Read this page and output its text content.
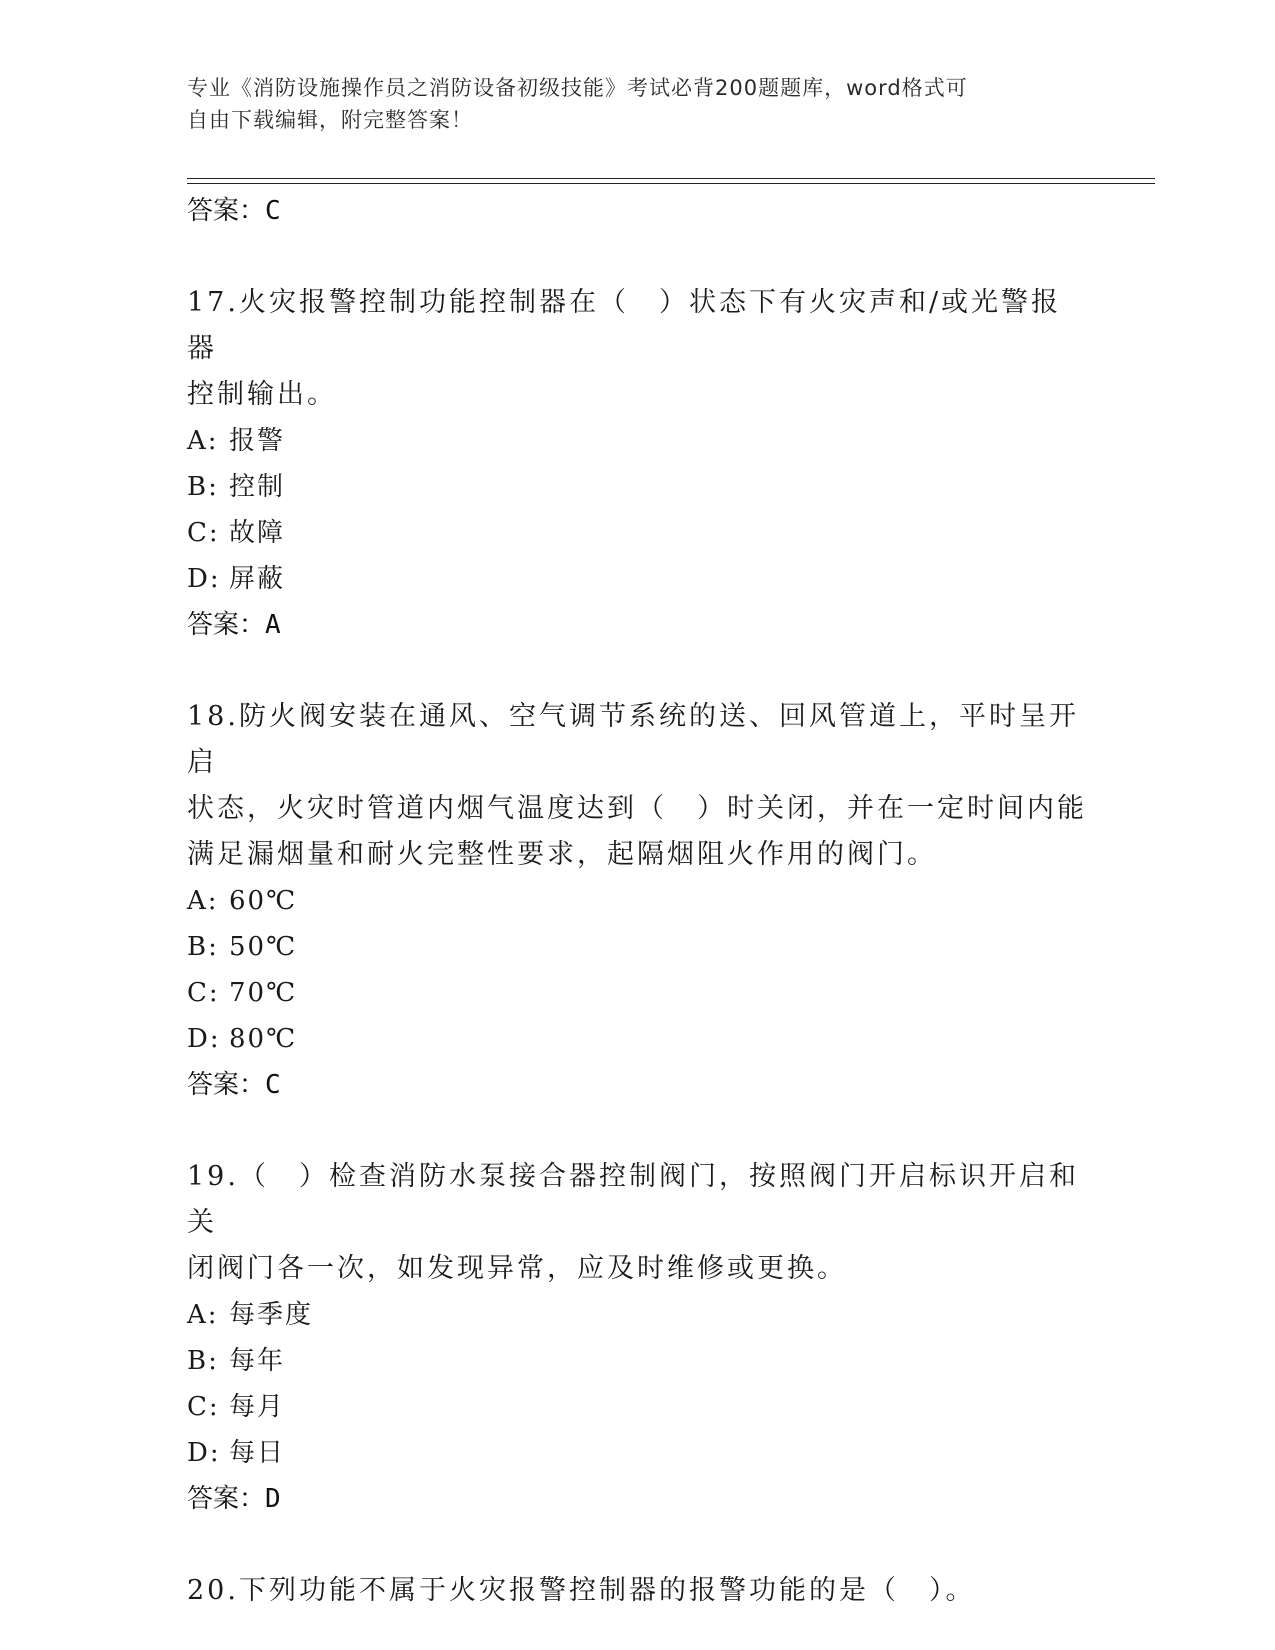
专业《消防设施操作员之消防设备初级技能》考试必背200题题库，word格式可
自由下载编辑，附完整答案！
答案：C
17.火灾报警控制功能控制器在（　）状态下有火灾声和/或光警报器
控制输出。
A: 报警
B: 控制
C: 故障
D: 屏蔽
答案：A
18.防火阀安装在通风、空气调节系统的送、回风管道上，平时呈开启
状态，火灾时管道内烟气温度达到（　）时关闭，并在一定时间内能
满足漏烟量和耐火完整性要求，起隔烟阻火作用的阀门。
A: 60℃
B: 50℃
C: 70℃
D: 80℃
答案：C
19.（　）检查消防水泵接合器控制阀门，按照阀门开启标识开启和关
闭阀门各一次，如发现异常，应及时维修或更换。
A: 每季度
B: 每年
C: 每月
D: 每日
答案：D
20.下列功能不属于火灾报警控制器的报警功能的是（　）。
